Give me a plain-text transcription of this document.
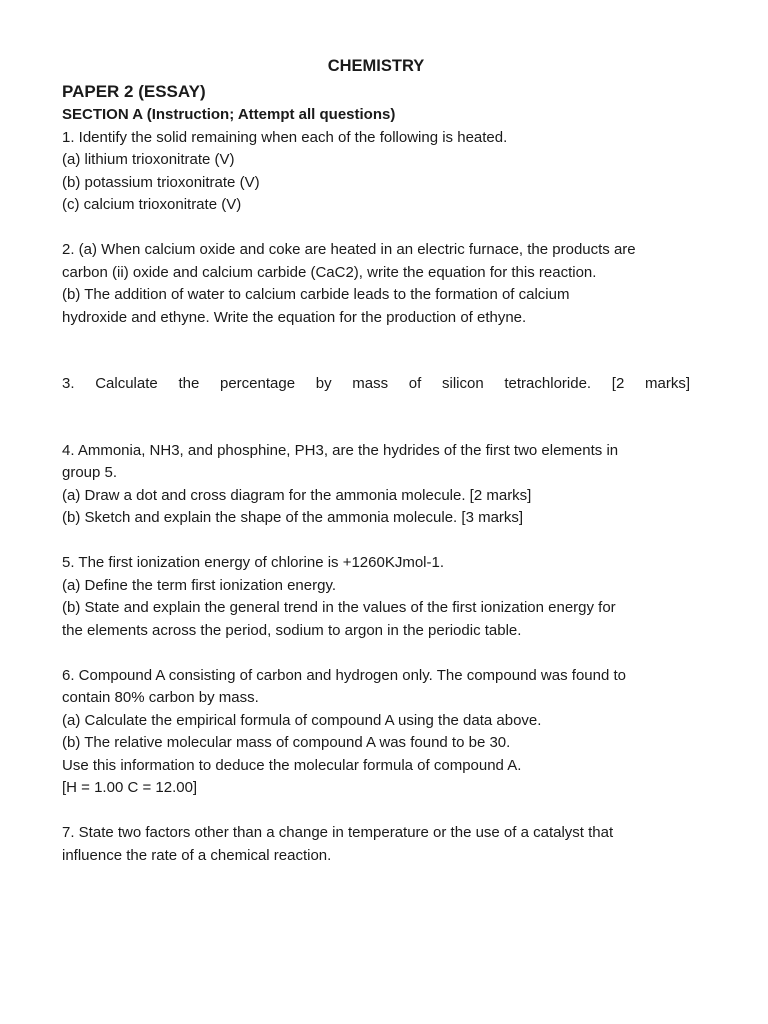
CHEMISTRY

PAPER 2 (ESSAY)

SECTION A (Instruction; Attempt all questions)

1. Identify the solid remaining when each of the following is heated.

(a) lithium trioxonitrate (V)

(b) potassium trioxonitrate (V)

(c) calcium trioxonitrate (V)

2. (a) When calcium oxide and coke are heated in an electric furnace, the products are

carbon (ii) oxide and calcium carbide (CaC2), write the equation for this reaction.

(b) The addition of water to calcium carbide leads to the formation of calcium

hydroxide and ethyne. Write the equation for the production of ethyne.

3. Calculate the percentage by mass of silicon tetrachloride. [2 marks]

4. Ammonia, NH3, and phosphine, PH3, are the hydrides of the first two elements in

group 5.

(a) Draw a dot and cross diagram for the ammonia molecule. [2 marks]

(b) Sketch and explain the shape of the ammonia molecule. [3 marks]

5. The first ionization energy of chlorine is +1260KJmol-1.

(a) Define the term first ionization energy.

(b) State and explain the general trend in the values of the first ionization energy for

the elements across the period, sodium to argon in the periodic table.

6. Compound A consisting of carbon and hydrogen only. The compound was found to

contain 80% carbon by mass.

(a) Calculate the empirical formula of compound A using the data above.

(b) The relative molecular mass of compound A was found to be 30.

Use this information to deduce the molecular formula of compound A.

[H = 1.00 C = 12.00]

7. State two factors other than a change in temperature or the use of a catalyst that

influence the rate of a chemical reaction.
